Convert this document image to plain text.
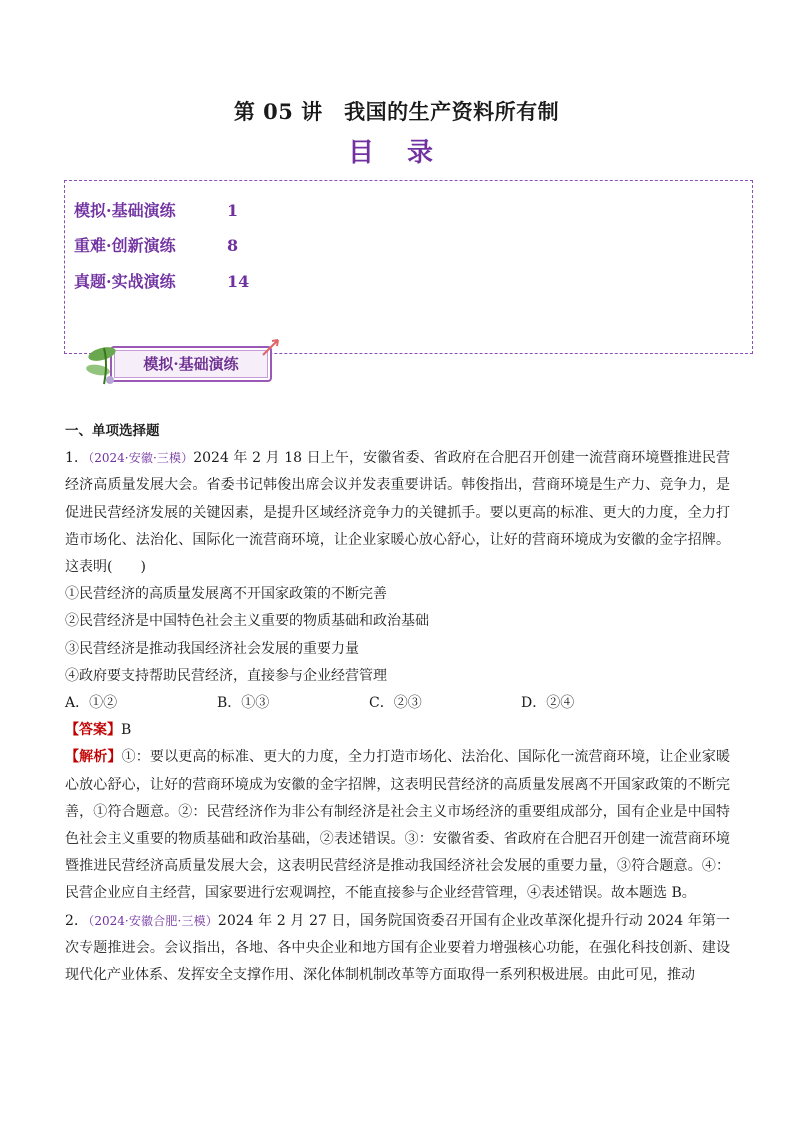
第 05 讲　我国的生产资料所有制
目 录
模拟·基础演练	1
重难·创新演练	8
真题·实战演练	14
模拟·基础演练

一、单项选择题

1．（2024·安徽·三模）2024 年 2 月 18 日上午，安徽省委、省政府在合肥召开创建一流营商环境暨推进民营经济高质量发展大会。省委书记韩俊出席会议并发表重要讲话。韩俊指出，营商环境是生产力、竞争力，是促进民营经济发展的关键因素，是提升区域经济竞争力的关键抓手。要以更高的标准、更大的力度，全力打造市场化、法治化、国际化一流营商环境，让企业家暖心放心舒心，让好的营商环境成为安徽的金字招牌。这表明(　　)

①民营经济的高质量发展离不开国家政策的不断完善

②民营经济是中国特色社会主义重要的物质基础和政治基础

③民营经济是推动我国经济社会发展的重要力量

④政府要支持帮助民营经济，直接参与企业经营管理

A．①②	B．①③	C．②③	D．②④

【答案】B

【解析】①：要以更高的标准、更大的力度，全力打造市场化、法治化、国际化一流营商环境，让企业家暖心放心舒心，让好的营商环境成为安徽的金字招牌，这表明民营经济的高质量发展离不开国家政策的不断完善，①符合题意。②：民营经济作为非公有制经济是社会主义市场经济的重要组成部分，国有企业是中国特色社会主义重要的物质基础和政治基础，②表述错误。③：安徽省委、省政府在合肥召开创建一流营商环境暨推进民营经济高质量发展大会，这表明民营经济是推动我国经济社会发展的重要力量，③符合题意。④：民营企业应自主经营，国家要进行宏观调控，不能直接参与企业经营管理，④表述错误。故本题选 B。

2．（2024·安徽合肥·三模）2024 年 2 月 27 日，国务院国资委召开国有企业改革深化提升行动 2024 年第一次专题推进会。会议指出，各地、各中央企业和地方国有企业要着力增强核心功能，在强化科技创新、建设现代化产业体系、发挥安全支撑作用、深化体制机制改革等方面取得一系列积极进展。由此可见，推动
